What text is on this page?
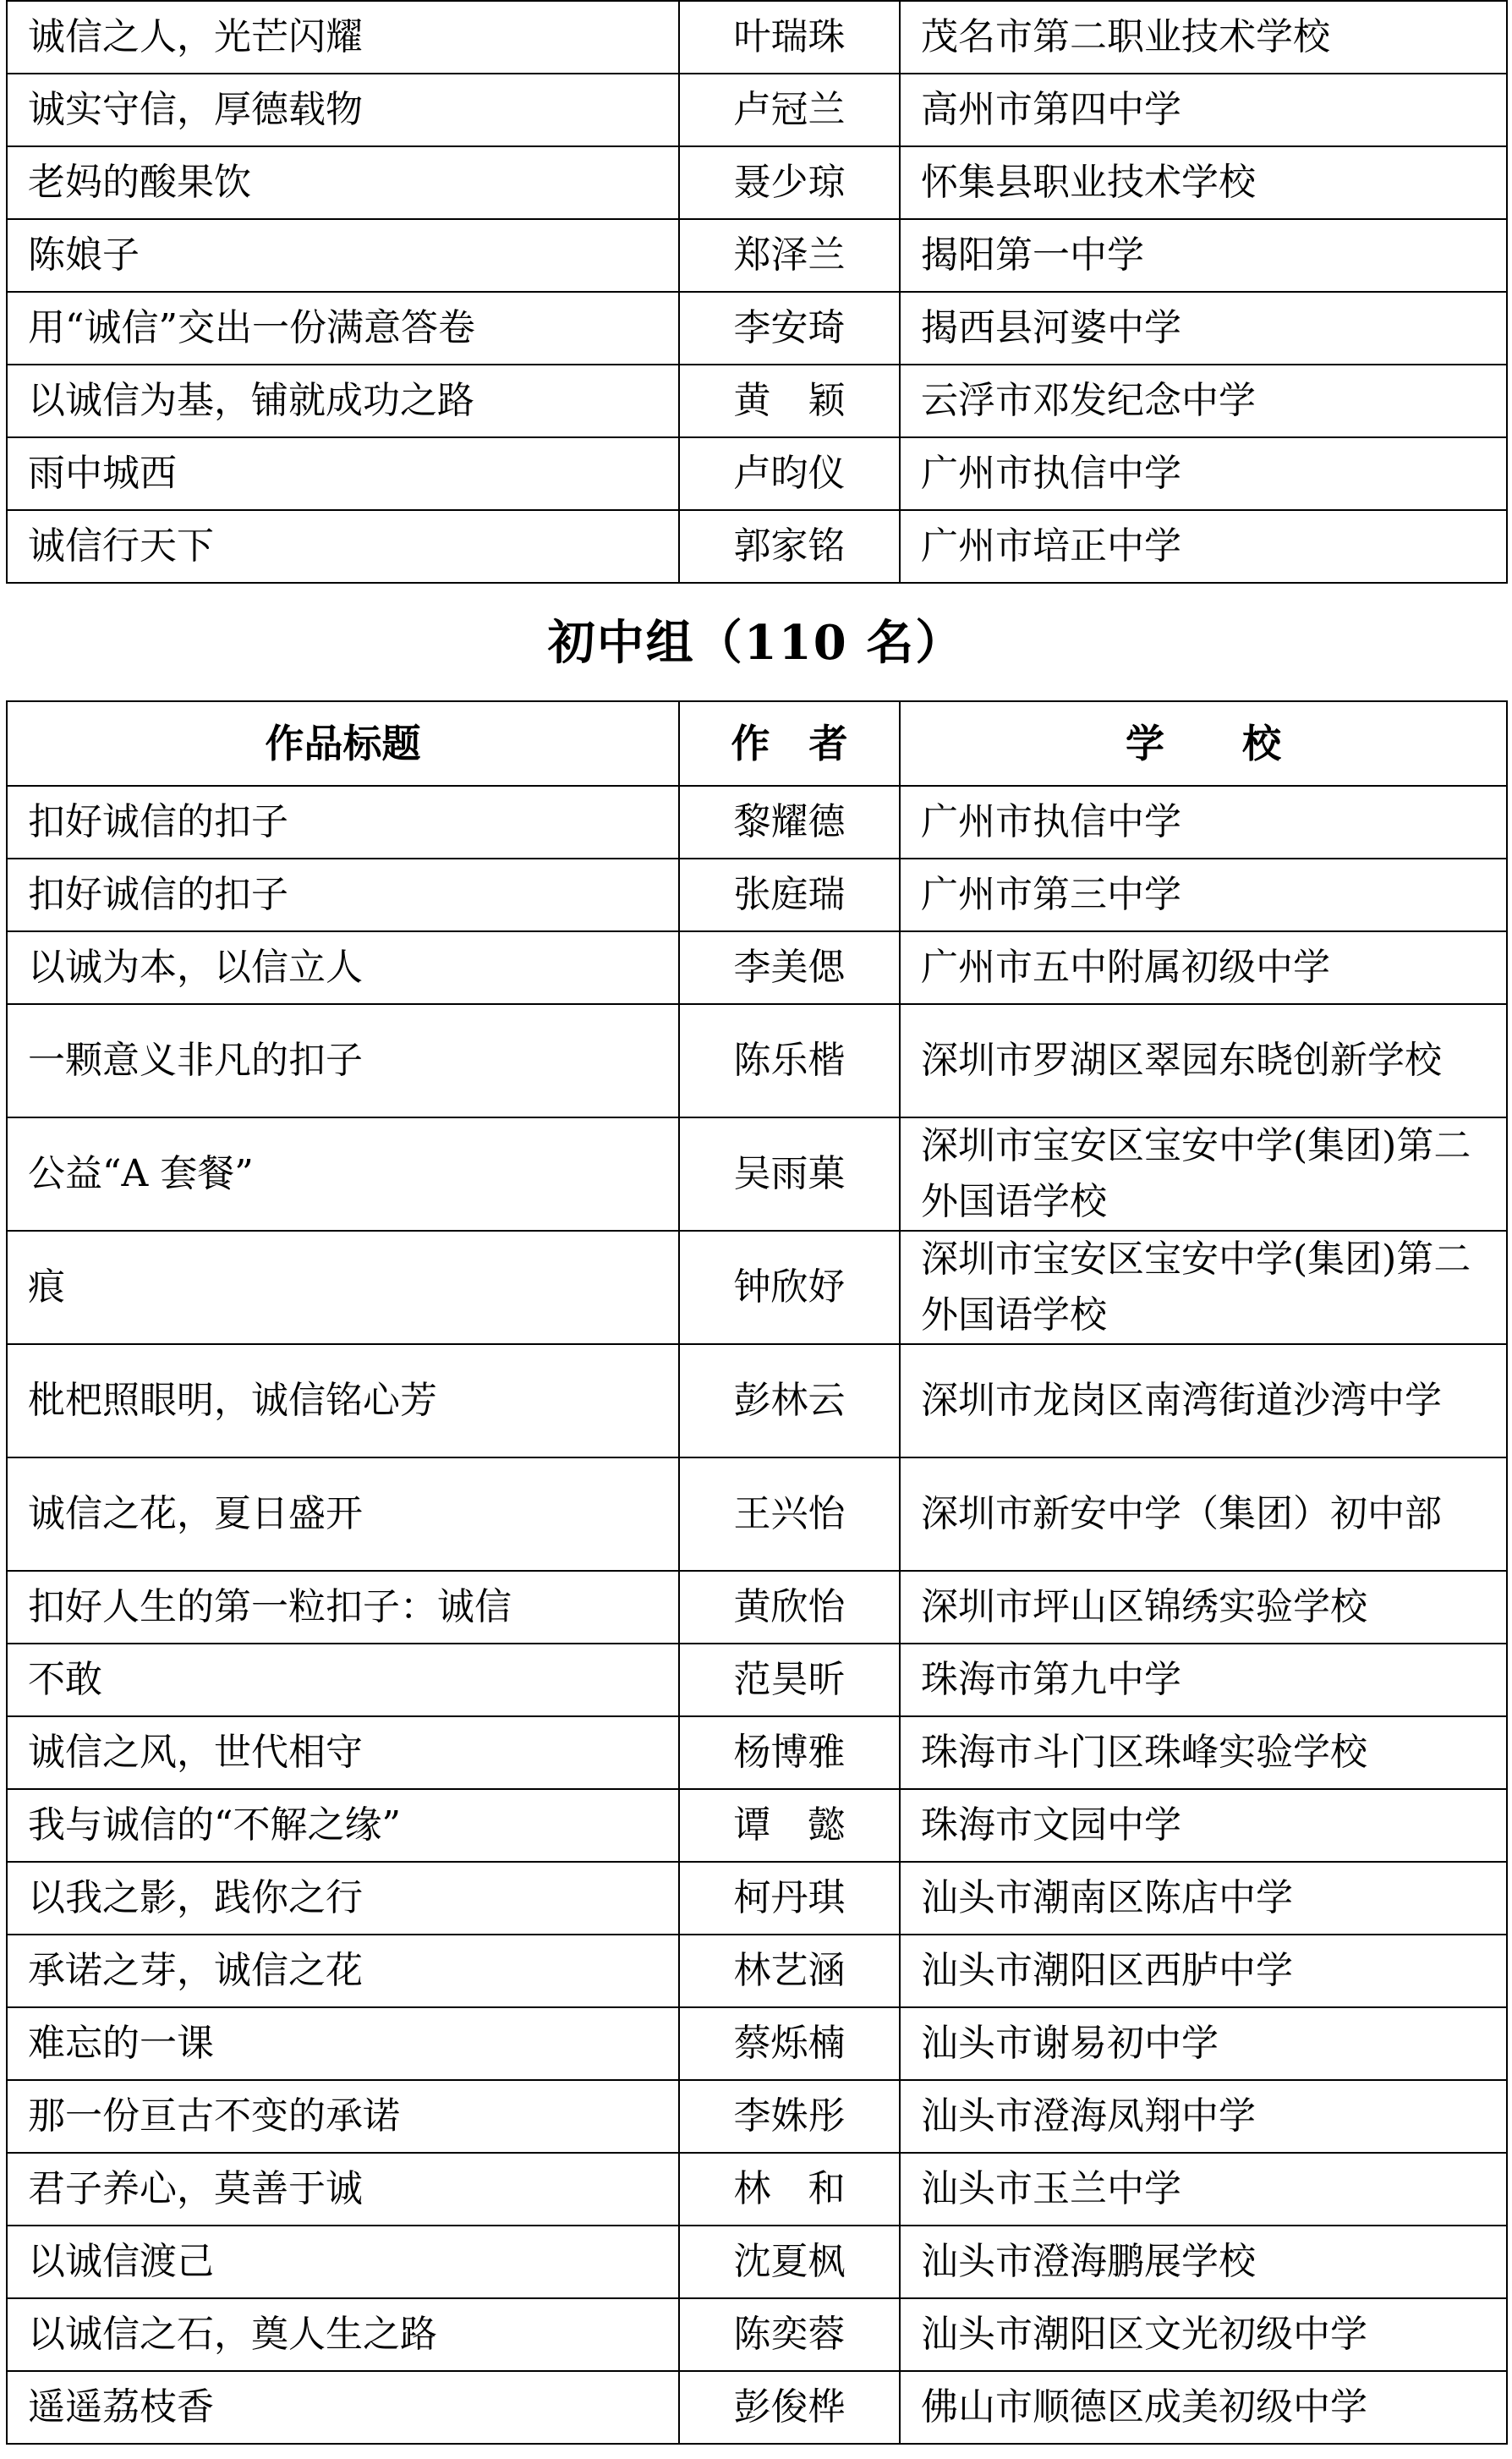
诚信之人，光芒闪耀	叶瑞珠	茂名市第二职业技术学校
诚实守信，厚德载物	卢冠兰	高州市第四中学
老妈的酸果饮	聂少琼	怀集县职业技术学校
陈娘子	郑泽兰	揭阳第一中学
用“诚信”交出一份满意答卷	李安琦	揭西县河婆中学
以诚信为基，铺就成功之路	黄　颖	云浮市邓发纪念中学
雨中城西	卢昀仪	广州市执信中学
诚信行天下	郭家铭	广州市培正中学
初中组（110 名）
作品标题	作　者	学　　校
扣好诚信的扣子	黎耀德	广州市执信中学
扣好诚信的扣子	张庭瑞	广州市第三中学
以诚为本，以信立人	李美偲	广州市五中附属初级中学
一颗意义非凡的扣子	陈乐楷	深圳市罗湖区翠园东晓创新学校
公益“A 套餐”	吴雨菓	深圳市宝安区宝安中学(集团)第二外国语学校
痕	钟欣妤	深圳市宝安区宝安中学(集团)第二外国语学校
枇杷照眼明，诚信铭心芳	彭林云	深圳市龙岗区南湾街道沙湾中学
诚信之花，夏日盛开	王兴怡	深圳市新安中学（集团）初中部
扣好人生的第一粒扣子：诚信	黄欣怡	深圳市坪山区锦绣实验学校
不敢	范昊昕	珠海市第九中学
诚信之风，世代相守	杨博雅	珠海市斗门区珠峰实验学校
我与诚信的“不解之缘”	谭　懿	珠海市文园中学
以我之影，践你之行	柯丹琪	汕头市潮南区陈店中学
承诺之芽，诚信之花	林艺涵	汕头市潮阳区西胪中学
难忘的一课	蔡烁楠	汕头市谢易初中学
那一份亘古不变的承诺	李姝彤	汕头市澄海凤翔中学
君子养心，莫善于诚	林　和	汕头市玉兰中学
以诚信渡己	沈夏枫	汕头市澄海鹏展学校
以诚信之石，奠人生之路	陈奕蓉	汕头市潮阳区文光初级中学
遥遥荔枝香	彭俊桦	佛山市顺德区成美初级中学
